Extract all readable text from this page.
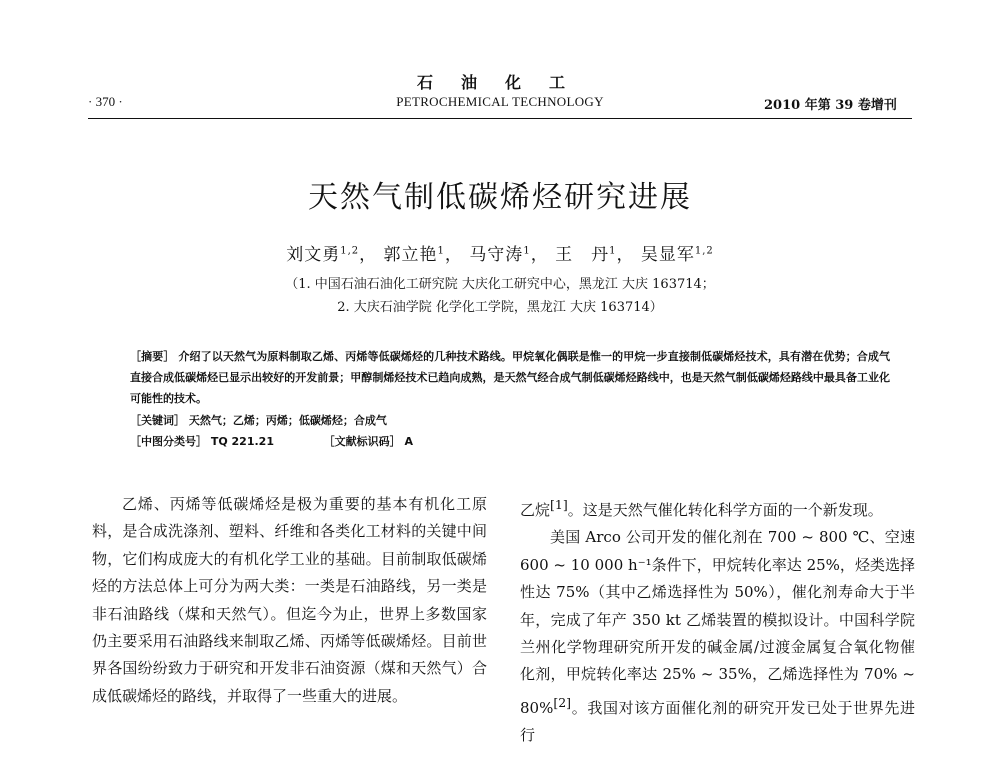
石油化工
· 370 ·	PETROCHEMICAL TECHNOLOGY	2010 年第 39 卷增刊
天然气制低碳烯烃研究进展
刘文勇$^{1,2}$， 郭立艳$^1$， 马守涛$^1$， 王　丹$^1$， 吴显军$^{1,2}$
（1. 中国石油石油化工研究院 大庆化工研究中心，黑龙江 大庆 163714；
2. 大庆石油学院 化学化工学院，黑龙江 大庆 163714）
［摘要］ 介绍了以天然气为原料制取乙烯、丙烯等低碳烯烃的几种技术路线。甲烷氧化偶联是惟一的甲烷一步直接制低碳烯烃技术，具有潜在优势；合成气直接合成低碳烯烃已显示出较好的开发前景；甲醇制烯烃技术已趋向成熟，是天然气经合成气制低碳烯烃路线中，也是天然气制低碳烯烃路线中最具备工业化可能性的技术。
［关键词］ 天然气；乙烯；丙烯；低碳烯烃；合成气
［中图分类号］ TQ 221.21	［文献标识码］ A

乙烯、丙烯等低碳烯烃是极为重要的基本有机化工原料，是合成洗涤剂、塑料、纤维和各类化工材料的关键中间物，它们构成庞大的有机化学工业的基础。目前制取低碳烯烃的方法总体上可分为两大类：一类是石油路线，另一类是非石油路线（煤和天然气）。但迄今为止，世界上多数国家仍主要采用石油路线来制取乙烯、丙烯等低碳烯烃。目前世界各国纷纷致力于研究和开发非石油资源（煤和天然气）合成低碳烯烃的路线，并取得了一些重大的进展。

乙烷[1]。这是天然气催化转化科学方面的一个新发现。

美国 Arco 公司开发的催化剂在 700 ~ 800 ℃、空速 600 ~ 10 000 h⁻¹条件下，甲烷转化率达 25%，烃类选择性达 75%（其中乙烯选择性为 50%），催化剂寿命大于半年，完成了年产 350 kt 乙烯装置的模拟设计。中国科学院兰州化学物理研究所开发的碱金属/过渡金属复合氧化物催化剂，甲烷转化率达 25% ~ 35%，乙烯选择性为 70% ~ 80%[2]。我国对该方面催化剂的研究开发已处于世界先进行
